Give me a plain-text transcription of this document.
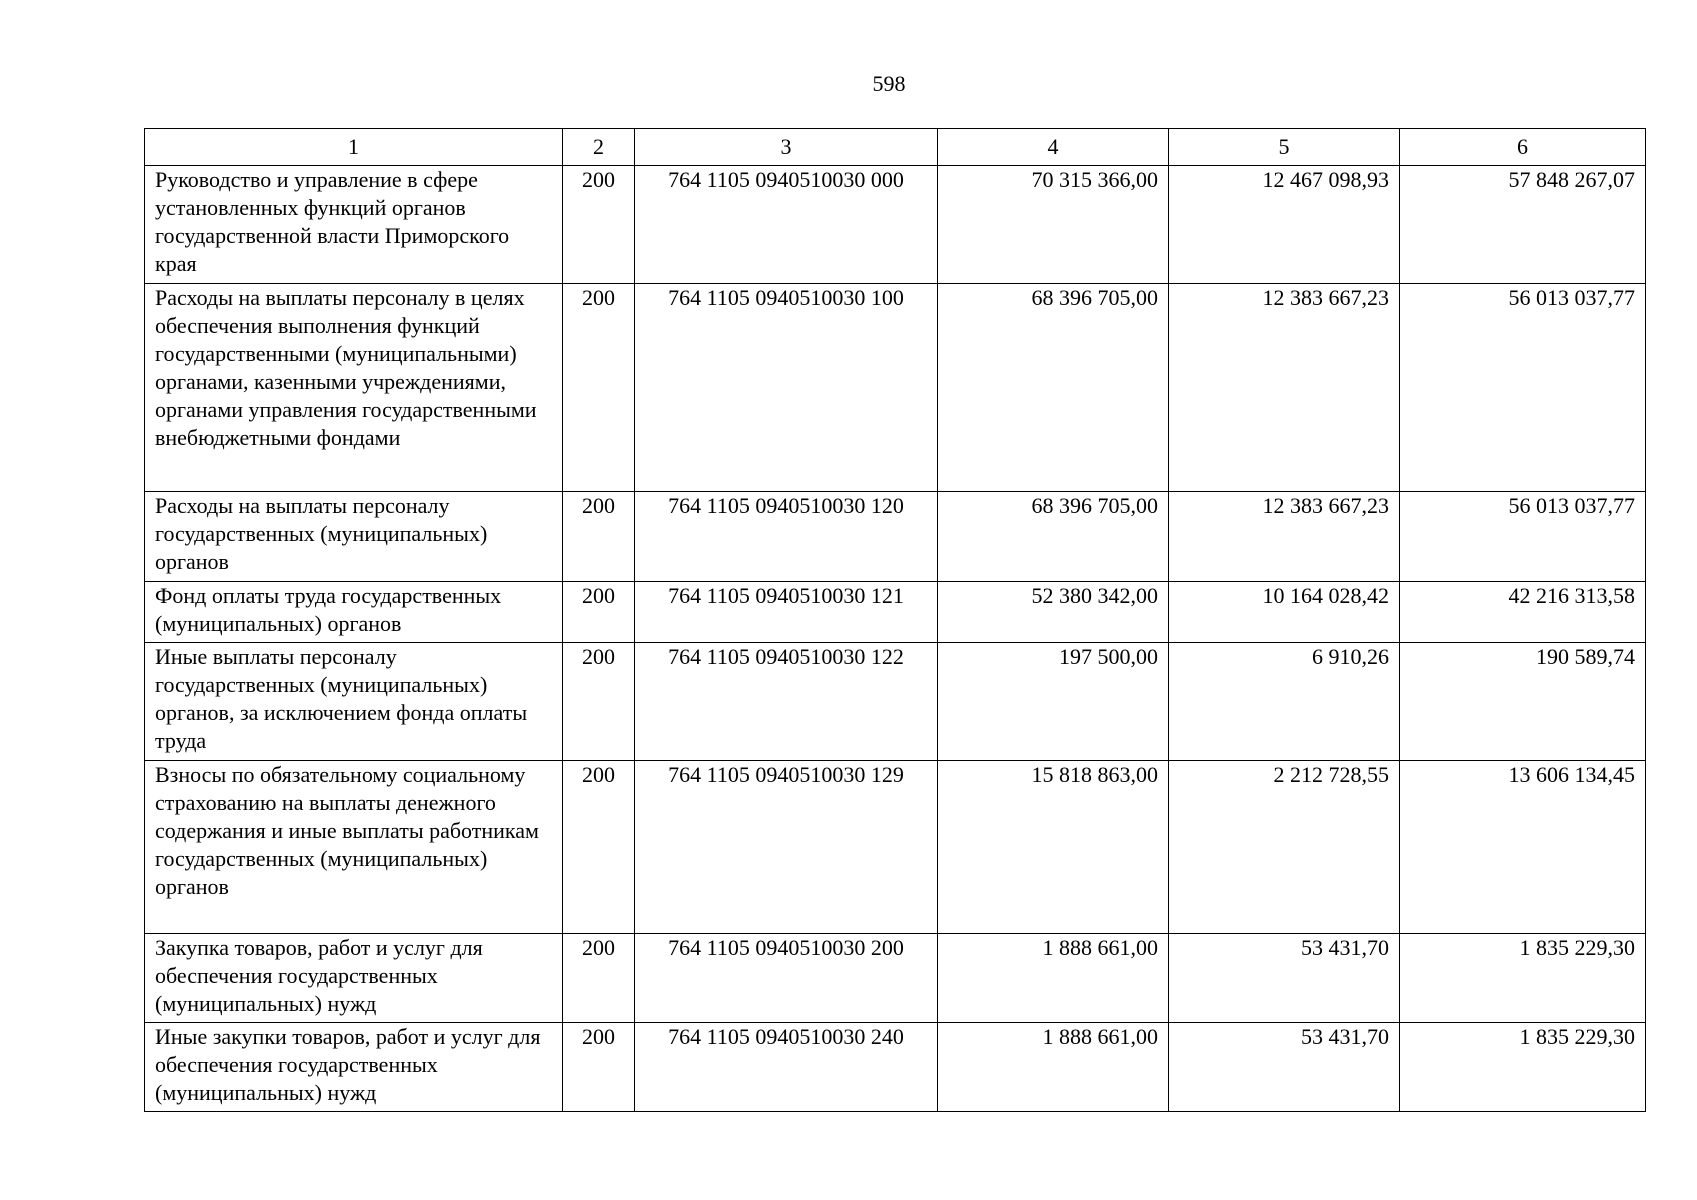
598
1	2	3	4	5	6
Руководство и управление в сфере установленных функций органов государственной власти Приморского края	200	764 1105 0940510030 000	70 315 366,00	12 467 098,93	57 848 267,07
Расходы на выплаты персоналу в целях обеспечения выполнения функций государственными (муниципальными) органами, казенными учреждениями, органами управления государственными внебюджетными фондами	200	764 1105 0940510030 100	68 396 705,00	12 383 667,23	56 013 037,77
Расходы на выплаты персоналу государственных (муниципальных) органов	200	764 1105 0940510030 120	68 396 705,00	12 383 667,23	56 013 037,77
Фонд оплаты труда государственных (муниципальных) органов	200	764 1105 0940510030 121	52 380 342,00	10 164 028,42	42 216 313,58
Иные выплаты персоналу государственных (муниципальных) органов, за исключением фонда оплаты труда	200	764 1105 0940510030 122	197 500,00	6 910,26	190 589,74
Взносы по обязательному социальному страхованию на выплаты денежного содержания и иные выплаты работникам государственных (муниципальных) органов	200	764 1105 0940510030 129	15 818 863,00	2 212 728,55	13 606 134,45
Закупка товаров, работ и услуг для обеспечения государственных (муниципальных) нужд	200	764 1105 0940510030 200	1 888 661,00	53 431,70	1 835 229,30
Иные закупки товаров, работ и услуг для обеспечения государственных (муниципальных) нужд	200	764 1105 0940510030 240	1 888 661,00	53 431,70	1 835 229,30
